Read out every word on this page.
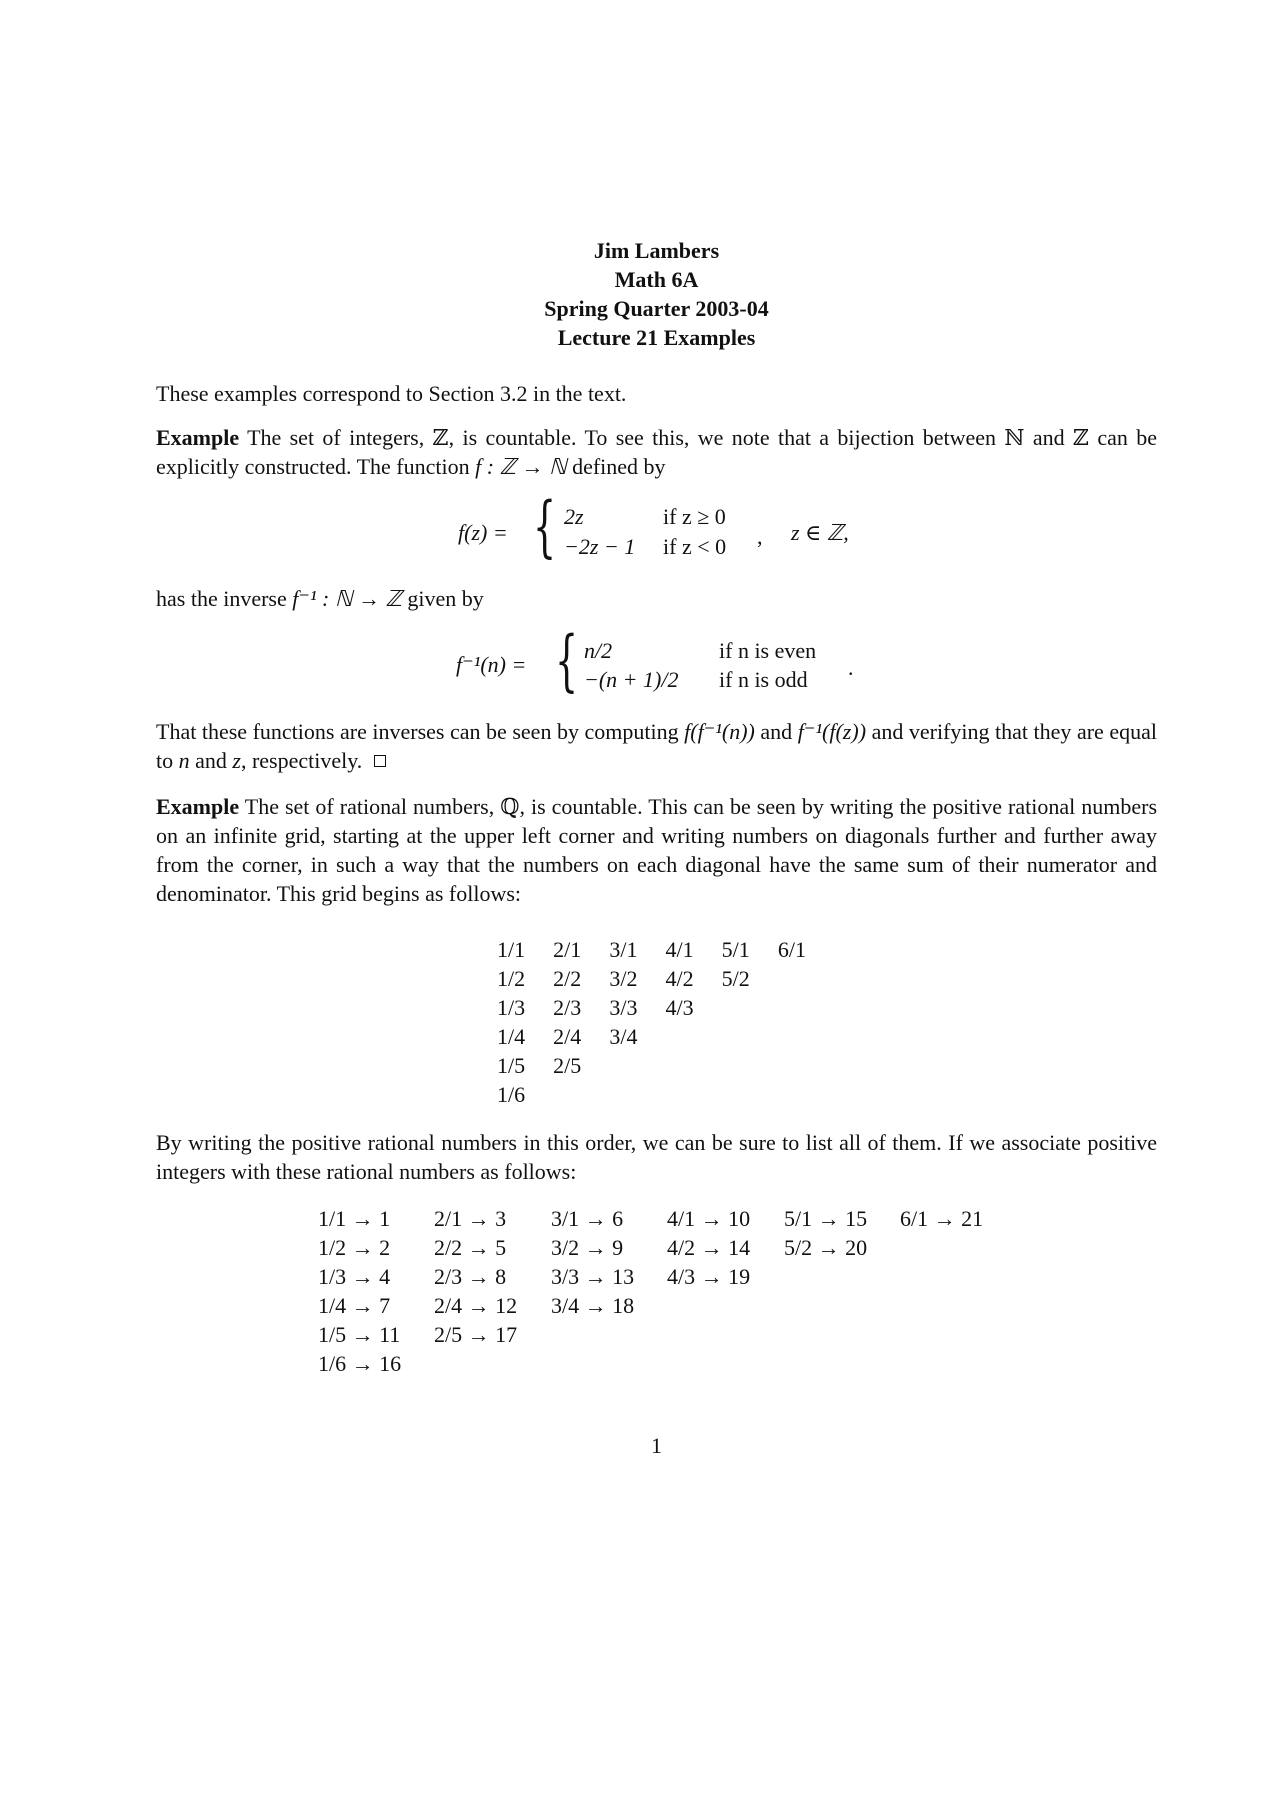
Jim Lambers
Math 6A
Spring Quarter 2003-04
Lecture 21 Examples
These examples correspond to Section 3.2 in the text.
Example The set of integers, ℤ, is countable. To see this, we note that a bijection between ℕ and ℤ can be explicitly constructed. The function f : ℤ → ℕ defined by
f(z) = { 2z	if z ≥ 0
−2z − 1 if z < 0 , z ∈ ℤ,
has the inverse f⁻¹ : ℕ → ℤ given by
f⁻¹(n) = { n/2	if n is even
−(n + 1)/2 if n is odd .
That these functions are inverses can be seen by computing f(f⁻¹(n)) and f⁻¹(f(z)) and verifying that they are equal to n and z, respectively.
Example The set of rational numbers, ℚ, is countable. This can be seen by writing the positive rational numbers on an infinite grid, starting at the upper left corner and writing numbers on diagonals further and further away from the corner, in such a way that the numbers on each diagonal have the same sum of their numerator and denominator. This grid begins as follows:
1/1 2/1 3/1 4/1 5/1 6/1
1/2 2/2 3/2 4/2 5/2
1/3 2/3 3/3 4/3
1/4 2/4 3/4
1/5 2/5
1/6
By writing the positive rational numbers in this order, we can be sure to list all of them. If we associate positive integers with these rational numbers as follows:
1/1 → 1 2/1 → 3 3/1 → 6 4/1 → 10 5/1 → 15 6/1 → 21
1/2 → 2 2/2 → 5 3/2 → 9 4/2 → 14 5/2 → 20
1/3 → 4 2/3 → 8 3/3 → 13 4/3 → 19
1/4 → 7 2/4 → 12 3/4 → 18
1/5 → 11 2/5 → 17
1/6 → 16
1
